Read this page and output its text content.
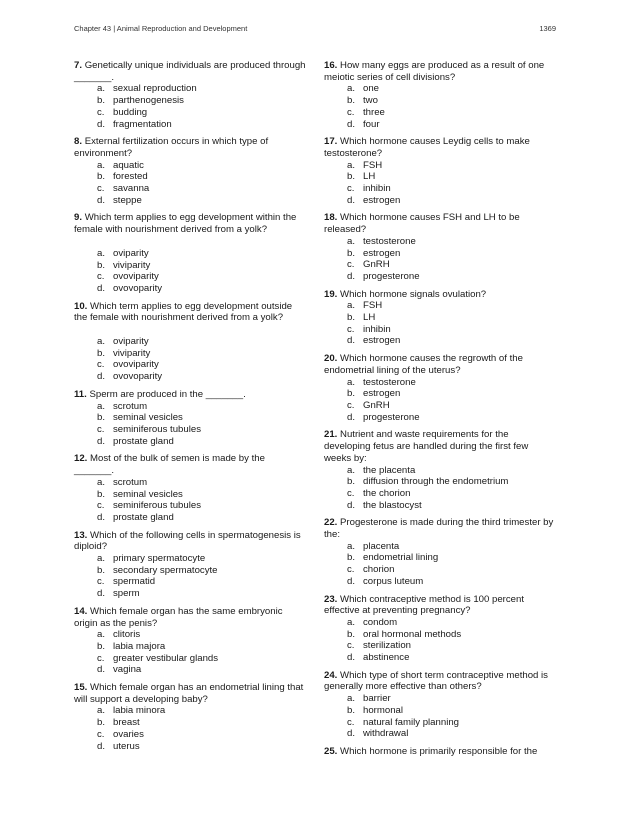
Chapter 43 | Animal Reproduction and Development	1369

7. Genetically unique individuals are produced through _______.

a. sexual reproduction
b. parthenogenesis
c. budding
d. fragmentation

8. External fertilization occurs in which type of environment?

a. aquatic
b. forested
c. savanna
d. steppe

9. Which term applies to egg development within the female with nourishment derived from a yolk?

a. oviparity
b. viviparity
c. ovoviparity
d. ovovoparity

10. Which term applies to egg development outside the female with nourishment derived from a yolk?

a. oviparity
b. viviparity
c. ovoviparity
d. ovovoparity

11. Sperm are produced in the _______.

a. scrotum
b. seminal vesicles
c. seminiferous tubules
d. prostate gland

12. Most of the bulk of semen is made by the _______.

a. scrotum
b. seminal vesicles
c. seminiferous tubules
d. prostate gland

13. Which of the following cells in spermatogenesis is diploid?

a. primary spermatocyte
b. secondary spermatocyte
c. spermatid
d. sperm

14. Which female organ has the same embryonic origin as the penis?

a. clitoris
b. labia majora
c. greater vestibular glands
d. vagina

15. Which female organ has an endometrial lining that will support a developing baby?

a. labia minora
b. breast
c. ovaries
d. uterus

16. How many eggs are produced as a result of one meiotic series of cell divisions?

a. one
b. two
c. three
d. four

17. Which hormone causes Leydig cells to make testosterone?

a. FSH
b. LH
c. inhibin
d. estrogen

18. Which hormone causes FSH and LH to be released?

a. testosterone
b. estrogen
c. GnRH
d. progesterone

19. Which hormone signals ovulation?

a. FSH
b. LH
c. inhibin
d. estrogen

20. Which hormone causes the regrowth of the endometrial lining of the uterus?

a. testosterone
b. estrogen
c. GnRH
d. progesterone

21. Nutrient and waste requirements for the developing fetus are handled during the first few weeks by:

a. the placenta
b. diffusion through the endometrium
c. the chorion
d. the blastocyst

22. Progesterone is made during the third trimester by the:

a. placenta
b. endometrial lining
c. chorion
d. corpus luteum

23. Which contraceptive method is 100 percent effective at preventing pregnancy?

a. condom
b. oral hormonal methods
c. sterilization
d. abstinence

24. Which type of short term contraceptive method is generally more effective than others?

a. barrier
b. hormonal
c. natural family planning
d. withdrawal

25. Which hormone is primarily responsible for the
